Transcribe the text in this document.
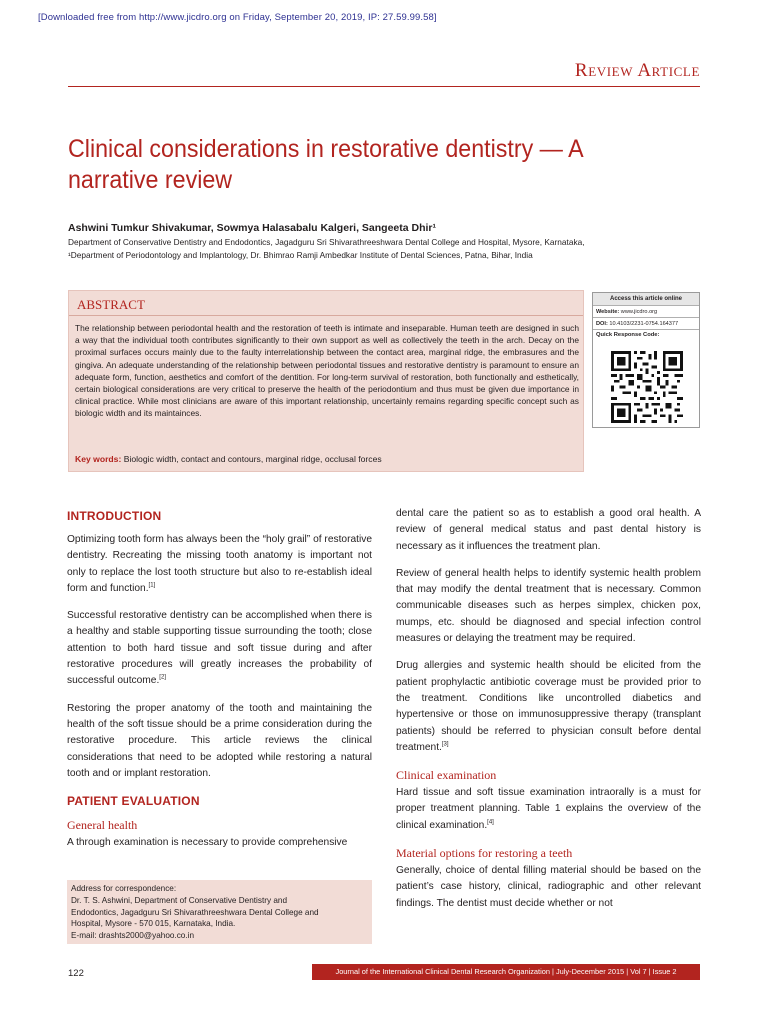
[Downloaded free from http://www.jicdro.org on Friday, September 20, 2019, IP: 27.59.99.58]
Review Article
Clinical considerations in restorative dentistry — A narrative review
Ashwini Tumkur Shivakumar, Sowmya Halasabalu Kalgeri, Sangeeta Dhir¹
Department of Conservative Dentistry and Endodontics, Jagadguru Sri Shivarathreeshwara Dental College and Hospital, Mysore, Karnataka,
¹Department of Periodontology and Implantology, Dr. Bhimrao Ramji Ambedkar Institute of Dental Sciences, Patna, Bihar, India
ABSTRACT
The relationship between periodontal health and the restoration of teeth is intimate and inseparable. Human teeth are designed in such a way that the individual tooth contributes significantly to their own support as well as collectively the teeth in the arch. Decay on the proximal surfaces occurs mainly due to the faulty interrelationship between the contact area, marginal ridge, the embrasures and the gingiva. An adequate understanding of the relationship between periodontal tissues and restorative dentistry is paramount to ensure an adequate form, function, aesthetics and comfort of the dentition. For long-term survival of restoration, both functionally and esthetically, certain biological considerations are very critical to preserve the health of the periodontium and thus must be given due importance in clinical practice. While most clinicians are aware of this important relationship, uncertainly remains regarding specific concept such as biologic width and its maintainces.
Key words: Biologic width, contact and contours, marginal ridge, occlusal forces
Access this article online
Website: www.jicdro.org
DOI: 10.4103/2231-0754.164377
Quick Response Code:
INTRODUCTION

Optimizing tooth form has always been the “holy grail” of restorative dentistry. Recreating the missing tooth anatomy is important not only to replace the lost tooth structure but also to re-establish ideal form and function.[1]

Successful restorative dentistry can be accomplished when there is a healthy and stable supporting tissue surrounding the tooth; close attention to both hard tissue and soft tissue during and after restorative procedures will greatly increases the probability of successful outcome.[2]

Restoring the proper anatomy of the tooth and maintaining the health of the soft tissue should be a prime consideration during the restorative procedure. This article reviews the clinical considerations that need to be adopted while restoring a natural tooth and or implant restoration.

PATIENT EVALUATION
General health

A through examination is necessary to provide comprehensive

Address for correspondence:
Dr. T. S. Ashwini, Department of Conservative Dentistry and
Endodontics, Jagadguru Sri Shivarathreeshwara Dental College and
Hospital, Mysore - 570 015, Karnataka, India.
E-mail: drashts2000@yahoo.co.in

dental care the patient so as to establish a good oral health. A review of general medical status and past dental history is necessary as it influences the treatment plan.

Review of general health helps to identify systemic health problem that may modify the dental treatment that is necessary. Common communicable diseases such as herpes simplex, chicken pox, mumps, etc. should be diagnosed and special infection control measures or delaying the treatment may be required.

Drug allergies and systemic health should be elicited from the patient prophylactic antibiotic coverage must be provided prior to the treatment. Conditions like uncontrolled diabetics and hypertensive or those on immunosuppressive therapy (transplant patients) should be referred to physician consult before dental treatment.[3]

Clinical examination

Hard tissue and soft tissue examination intraorally is a must for proper treatment planning. Table 1 explains the overview of the clinical examination.[4]

Material options for restoring a teeth

Generally, choice of dental filling material should be based on the patient’s case history, clinical, radiographic and other relevant findings. The dentist must decide whether or not

122	Journal of the International Clinical Dental Research Organization | July-December 2015 | Vol 7 | Issue 2
